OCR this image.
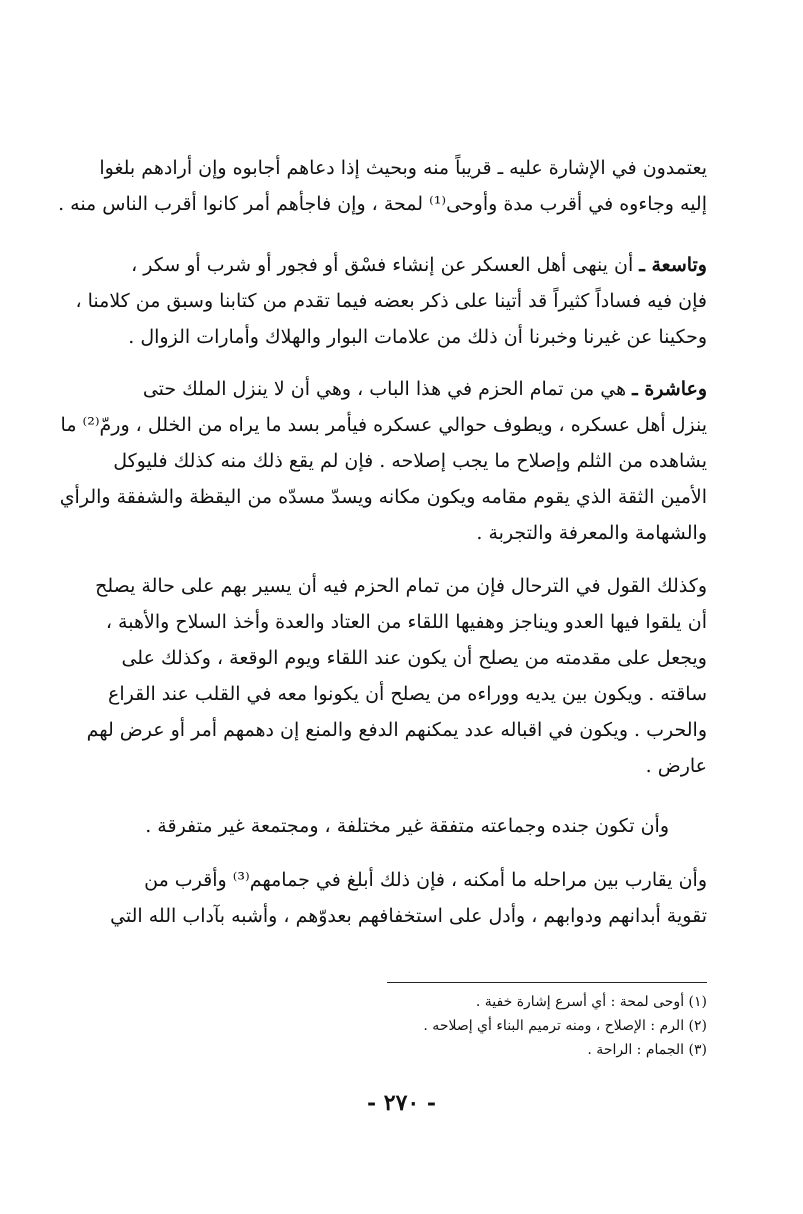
يعتمدون في الإشارة عليه ـ قريباً منه وبحيث إذا دعاهم أجابوه وإن أرادهم بلغوا
إليه وجاءوه في أقرب مدة وأوحى⁽¹⁾ لمحة ، وإن فاجأهم أمر كانوا أقرب الناس منه .
وتاسعة ـ أن ينهى أهل العسكر عن إنشاء فسْق أو فجور أو شرب أو سكر ،
فإن فيه فساداً كثيراً قد أتينا على ذكر بعضه فيما تقدم من كتابنا وسبق من كلامنا ،
وحكينا عن غيرنا وخبرنا أن ذلك من علامات البوار والهلاك وأمارات الزوال .
وعاشرة ـ هي من تمام الحزم في هذا الباب ، وهي أن لا ينزل الملك حتى
ينزل أهل عسكره ، ويطوف حوالي عسكره فيأمر بسد ما يراه من الخلل ، ورمّ⁽²⁾ ما
يشاهده من الثلم وإصلاح ما يجب إصلاحه . فإن لم يقع ذلك منه كذلك فليوكل
الأمين الثقة الذي يقوم مقامه ويكون مكانه ويسدّ مسدّه من اليقظة والشفقة والرأي
والشهامة والمعرفة والتجربة .
وكذلك القول في الترحال فإن من تمام الحزم فيه أن يسير بهم على حالة يصلح
أن يلقوا فيها العدو ويناجز وهفيها اللقاء من العتاد والعدة وأخذ السلاح والأهبة ،
ويجعل على مقدمته من يصلح أن يكون عند اللقاء ويوم الوقعة ، وكذلك على
ساقته . ويكون بين يديه ووراءه من يصلح أن يكونوا معه في القلب عند القراع
والحرب . ويكون في اقباله عدد يمكنهم الدفع والمنع إن دهمهم أمر أو عرض لهم
عارض .
وأن تكون جنده وجماعته متفقة غير مختلفة ، ومجتمعة غير متفرقة .
وأن يقارب بين مراحله ما أمكنه ، فإن ذلك أبلغ في جمامهم⁽³⁾ وأقرب من
تقوية أبدانهم ودوابهم ، وأدل على استخفافهم بعدوّهم ، وأشبه بآداب الله التي
(١) أوحى لمحة : أي أسرع إشارة خفية .
(٢) الرم : الإصلاح ، ومنه ترميم البناء أي إصلاحه .
(٣) الجمام : الراحة .
- ٢٧٠ -
